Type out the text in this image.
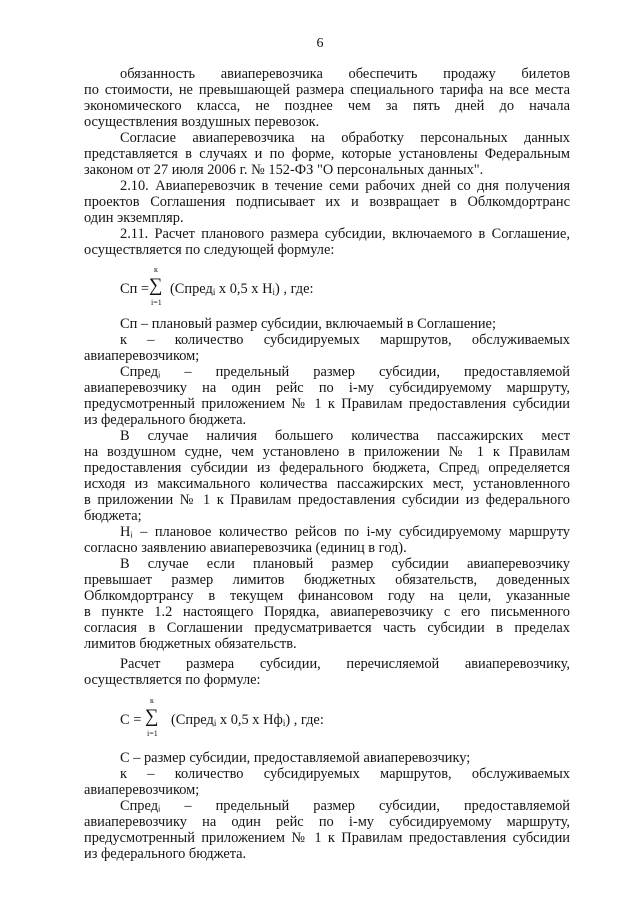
6
обязанность авиаперевозчика обеспечить продажу билетов
по стоимости, не превышающей размера специального тарифа на все места
экономического класса, не позднее чем за пять дней до начала
осуществления воздушных перевозок.
Согласие авиаперевозчика на обработку персональных данных
представляется в случаях и по форме, которые установлены Федеральным
законом от 27 июля 2006 г. № 152-ФЗ "О персональных данных".
2.10. Авиаперевозчик в течение семи рабочих дней со дня получения
проектов Соглашения подписывает их и возвращает в Облкомдортранс
один экземпляр.
2.11. Расчет планового размера субсидии, включаемого в Соглашение,
осуществляется по следующей формуле:
Сп =
к
∑
i=1
(Спред$_i$ х 0,5 х $Н_i$) , где:
Сп – плановый размер субсидии, включаемый в Соглашение;
к – количество субсидируемых маршрутов, обслуживаемых
авиаперевозчиком;
Спредᵢ – предельный размер субсидии, предоставляемой
авиаперевозчику на один рейс по і-му субсидируемому маршруту,
предусмотренный приложением № 1 к Правилам предоставления субсидии
из федерального бюджета.
В случае наличия большего количества пассажирских мест
на воздушном судне, чем установлено в приложении № 1 к Правилам
предоставления субсидии из федерального бюджета, Спредᵢ определяется
исходя из максимального количества пассажирских мест, установленного
в приложении № 1 к Правилам предоставления субсидии из федерального
бюджета;
Нᵢ – плановое количество рейсов по і-му субсидируемому маршруту
согласно заявлению авиаперевозчика (единиц в год).
В случае если плановый размер субсидии авиаперевозчику
превышает размер лимитов бюджетных обязательств, доведенных
Облкомдортрансу в текущем финансовом году на цели, указанные
в пункте 1.2 настоящего Порядка, авиаперевозчику с его письменного
согласия в Соглашении предусматривается часть субсидии в пределах
лимитов бюджетных обязательств.
Расчет размера субсидии, перечисляемой авиаперевозчику,
осуществляется по формуле:
С =
к
∑
i=1
(Спред$_i$ х 0,5 х $Нф_i$) , где:
С – размер субсидии, предоставляемой авиаперевозчику;
к – количество субсидируемых маршрутов, обслуживаемых
авиаперевозчиком;
Спредᵢ – предельный размер субсидии, предоставляемой
авиаперевозчику на один рейс по і-му субсидируемому маршруту,
предусмотренный приложением № 1 к Правилам предоставления субсидии
из федерального бюджета.
